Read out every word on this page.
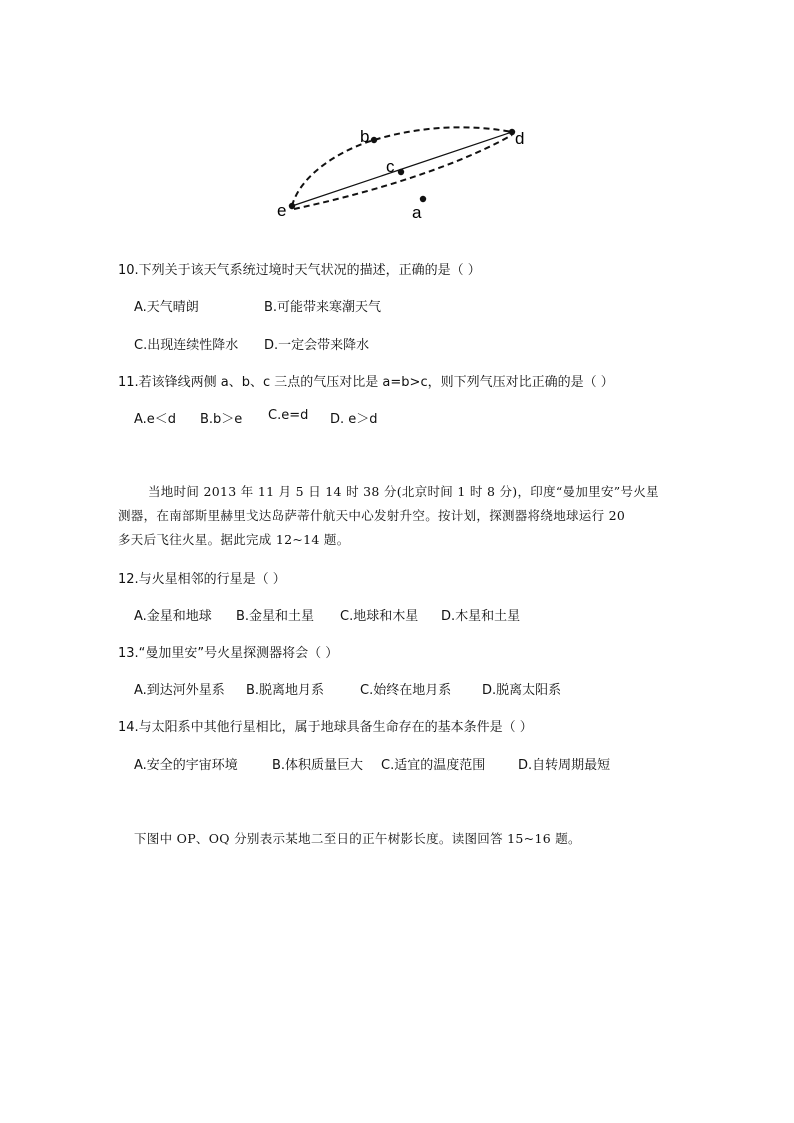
b	d
c
e	a
10.下列关于该天气系统过境时天气状况的描述，正确的是（ ）
A.天气晴朗	B.可能带来寒潮天气
C.出现连续性降水 D.一定会带来降水
11.若该锋线两侧 a、b、c 三点的气压对比是 a=b>c，则下列气压对比正确的是（ ）
A.e＜d B.b＞e C.e=d D. e＞d
当地时间 2013 年 11 月 5 日 14 时 38 分(北京时间 1 时 8 分)，印度“曼加里安”号火星
测器，在南部斯里赫里戈达岛萨蒂什航天中心发射升空。按计划，探测器将绕地球运行 20
多天后飞往火星。据此完成 12~14 题。
12.与火星相邻的行星是（ ）
A.金星和地球 B.金星和土星 C.地球和木星 D.木星和土星
13.“曼加里安”号火星探测器将会（ ）
A.到达河外星系 B.脱离地月系	C.始终在地月系 D.脱离太阳系
14.与太阳系中其他行星相比，属于地球具备生命存在的基本条件是（ ）
A.安全的宇宙环境	B.体积质量巨大 C.适宜的温度范围	D.自转周期最短
下图中 OP、OQ 分别表示某地二至日的正午树影长度。读图回答 15~16 题。
